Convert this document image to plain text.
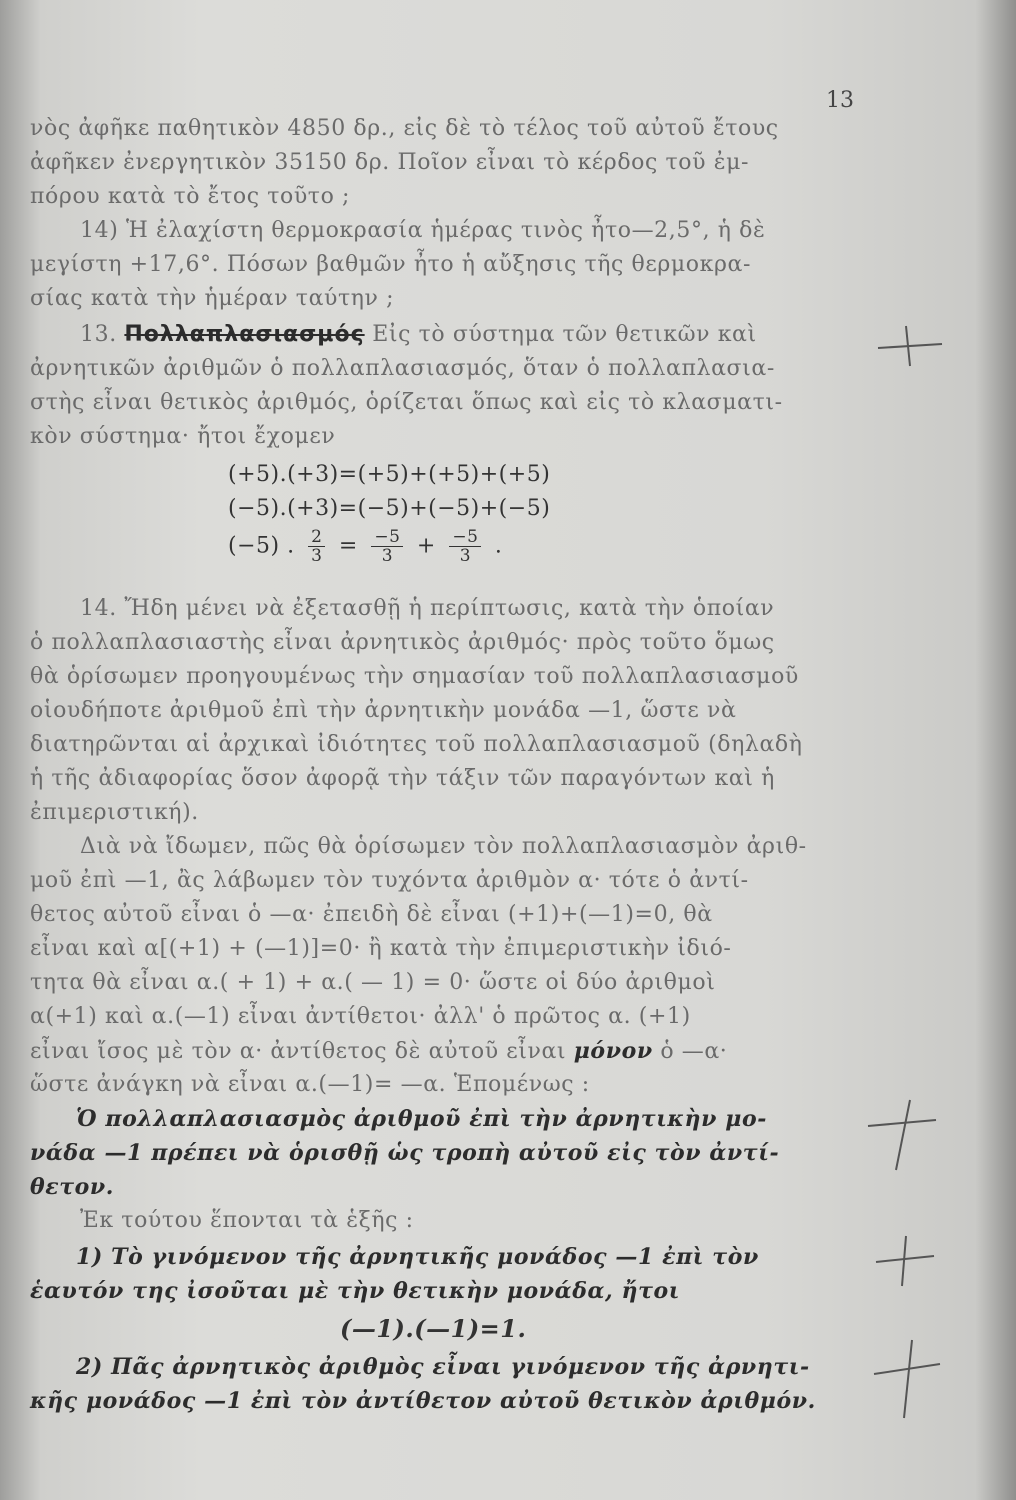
13
νὸς ἀφῆκε παθητικὸν 4850 δρ., εἰς δὲ τὸ τέλος τοῦ αὐτοῦ ἔτους
ἀφῆκεν ἐνεργητικὸν 35150 δρ. Ποῖον εἶναι τὸ κέρδος τοῦ ἐμ-
πόρου κατὰ τὸ ἔτος τοῦτο ;
14) Ἡ ἐλαχίστη θερμοκρασία ἡμέρας τινὸς ἦτο—2,5°, ἡ δὲ
μεγίστη +17,6°. Πόσων βαθμῶν ἦτο ἡ αὔξησις τῆς θερμοκρα-
σίας κατὰ τὴν ἡμέραν ταύτην ;
13. Πολλαπλασιασμός Εἰς τὸ σύστημα τῶν θετικῶν καὶ
ἀρνητικῶν ἀριθμῶν ὁ πολλαπλασιασμός, ὅταν ὁ πολλαπλασια-
στὴς εἶναι θετικὸς ἀριθμός, ὁρίζεται ὅπως καὶ εἰς τὸ κλασματι-
κὸν σύστημα· ἤτοι ἔχομεν
(+5).(+3)=(+5)+(+5)+(+5)
(−5).(+3)=(−5)+(−5)+(−5)
(−5) . $\frac{2}{3} = \frac{-5}{3} + \frac{-5}{3}$ .
14. Ἤδη μένει νὰ ἐξετασθῇ ἡ περίπτωσις, κατὰ τὴν ὁποίαν
ὁ πολλαπλασιαστὴς εἶναι ἀρνητικὸς ἀριθμός· πρὸς τοῦτο ὅμως
θὰ ὁρίσωμεν προηγουμένως τὴν σημασίαν τοῦ πολλαπλασιασμοῦ
οἱουδήποτε ἀριθμοῦ ἐπὶ τὴν ἀρνητικὴν μονάδα —1, ὥστε νὰ
διατηρῶνται αἱ ἀρχικαὶ ἰδιότητες τοῦ πολλαπλασιασμοῦ (δηλαδὴ
ἡ τῆς ἀδιαφορίας ὅσον ἀφορᾷ τὴν τάξιν τῶν παραγόντων καὶ ἡ
ἐπιμεριστική).
Διὰ νὰ ἴδωμεν, πῶς θὰ ὁρίσωμεν τὸν πολλαπλασιασμὸν ἀριθ-
μοῦ ἐπὶ —1, ἂς λάβωμεν τὸν τυχόντα ἀριθμὸν α· τότε ὁ ἀντί-
θετος αὐτοῦ εἶναι ὁ —α· ἐπειδὴ δὲ εἶναι (+1)+(—1)=0, θὰ
εἶναι καὶ α[(+1) + (—1)]=0· ἢ κατὰ τὴν ἐπιμεριστικὴν ἰδιό-
τητα θὰ εἶναι α.( + 1) + α.( — 1) = 0· ὥστε οἱ δύο ἀριθμοὶ
α(+1) καὶ α.(—1) εἶναι ἀντίθετοι· ἀλλ' ὁ πρῶτος α. (+1)
εἶναι ἴσος μὲ τὸν α· ἀντίθετος δὲ αὐτοῦ εἶναι μόνον ὁ —α·
ὥστε ἀνάγκη νὰ εἶναι α.(—1)= —α. Ἑπομένως :
Ὁ πολλαπλασιασμὸς ἀριθμοῦ ἐπὶ τὴν ἀρνητικὴν μο-
νάδα —1 πρέπει νὰ ὁρισθῇ ὡς τροπὴ αὐτοῦ εἰς τὸν ἀντί-
θετον.
Ἐκ τούτου ἕπονται τὰ ἑξῆς :
1) Τὸ γινόμενον τῆς ἀρνητικῆς μονάδος —1 ἐπὶ τὸν
ἑαυτόν της ἰσοῦται μὲ τὴν θετικὴν μονάδα, ἤτοι
(—1).(—1)=1.
2) Πᾶς ἀρνητικὸς ἀριθμὸς εἶναι γινόμενον τῆς ἀρνητι-
κῆς μονάδος —1 ἐπὶ τὸν ἀντίθετον αὐτοῦ θετικὸν ἀριθμόν.
